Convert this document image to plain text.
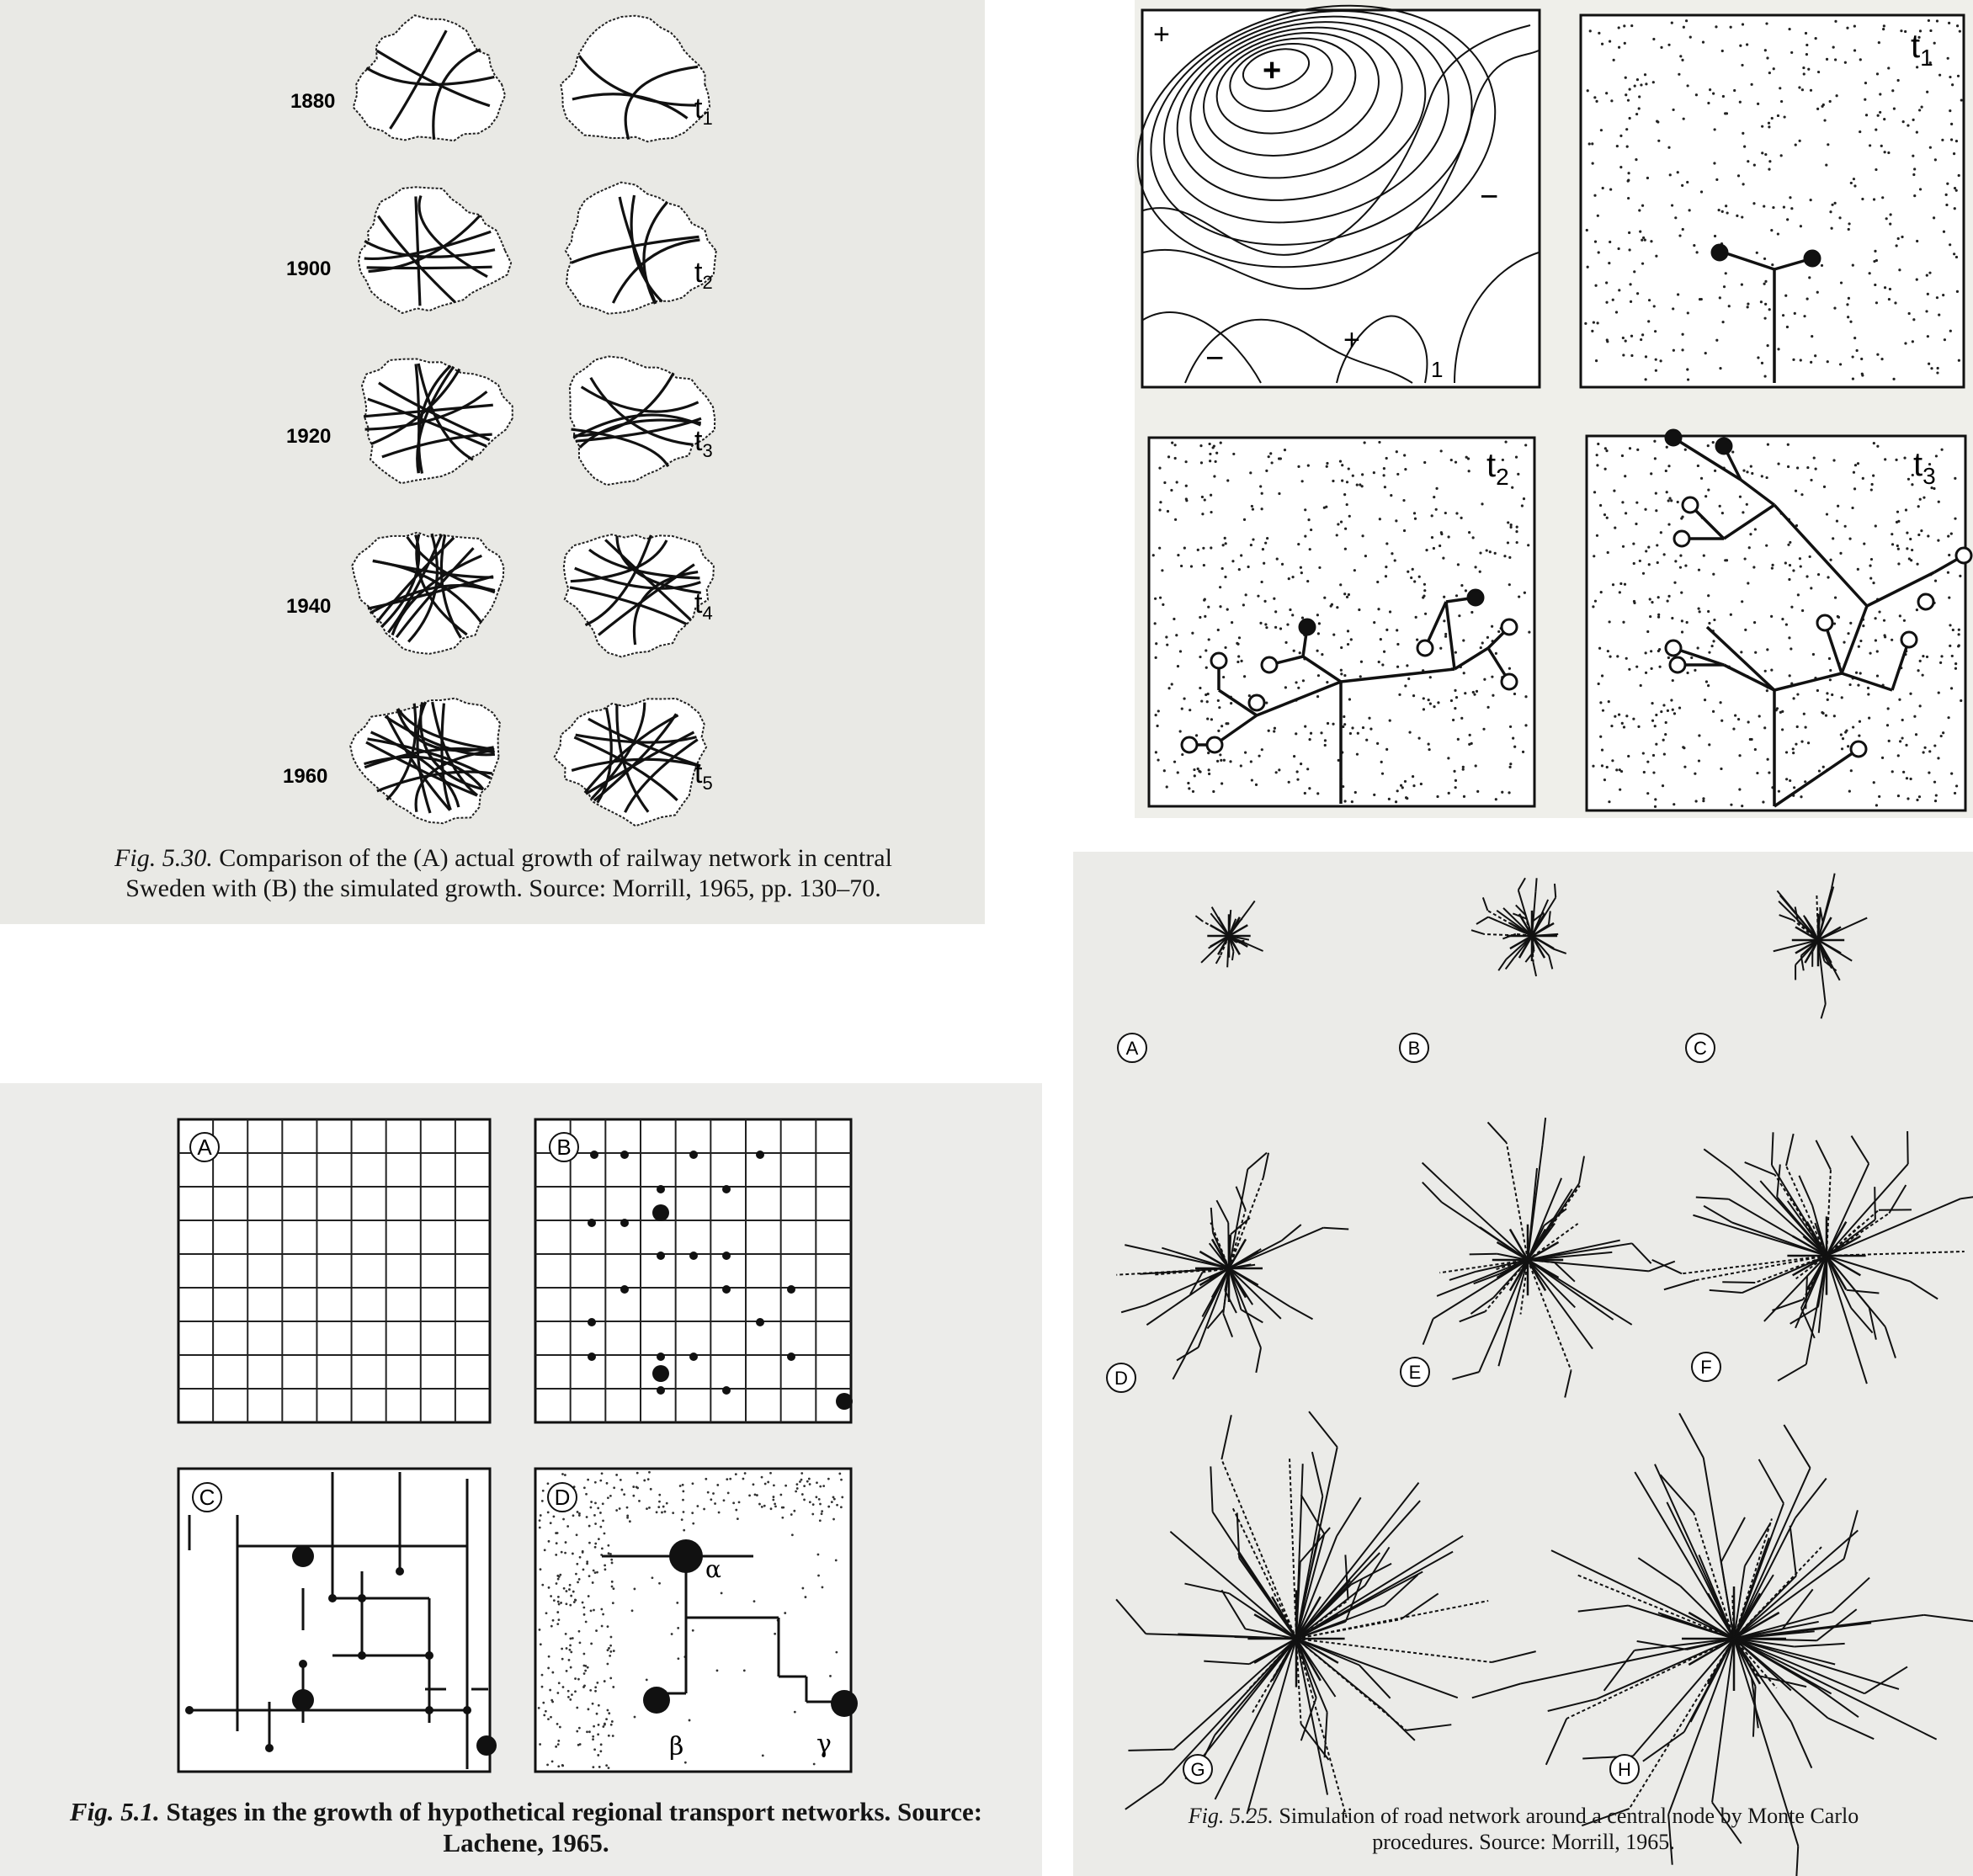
1880
1900
1920
1940
1960
$t_1$
$t_2$
$t_3$
$t_4$
$t_5$
Fig. 5.30. Comparison of the (A) actual growth of railway network in central
Sweden with (B) the simulated growth. Source: Morrill, 1965, pp. 130–70.
+
+
+
−
−	1
$t_1$
$t_2$	$t_3$
A	B
C	D
α
β	γ
Fig. 5.1. Stages in the growth of hypothetical regional transport networks. Source:
Lachene, 1965.
A	B	C
D	E	F
G	H
Fig. 5.25. Simulation of road network around a central node by Monte Carlo
procedures. Source: Morrill, 1965.
